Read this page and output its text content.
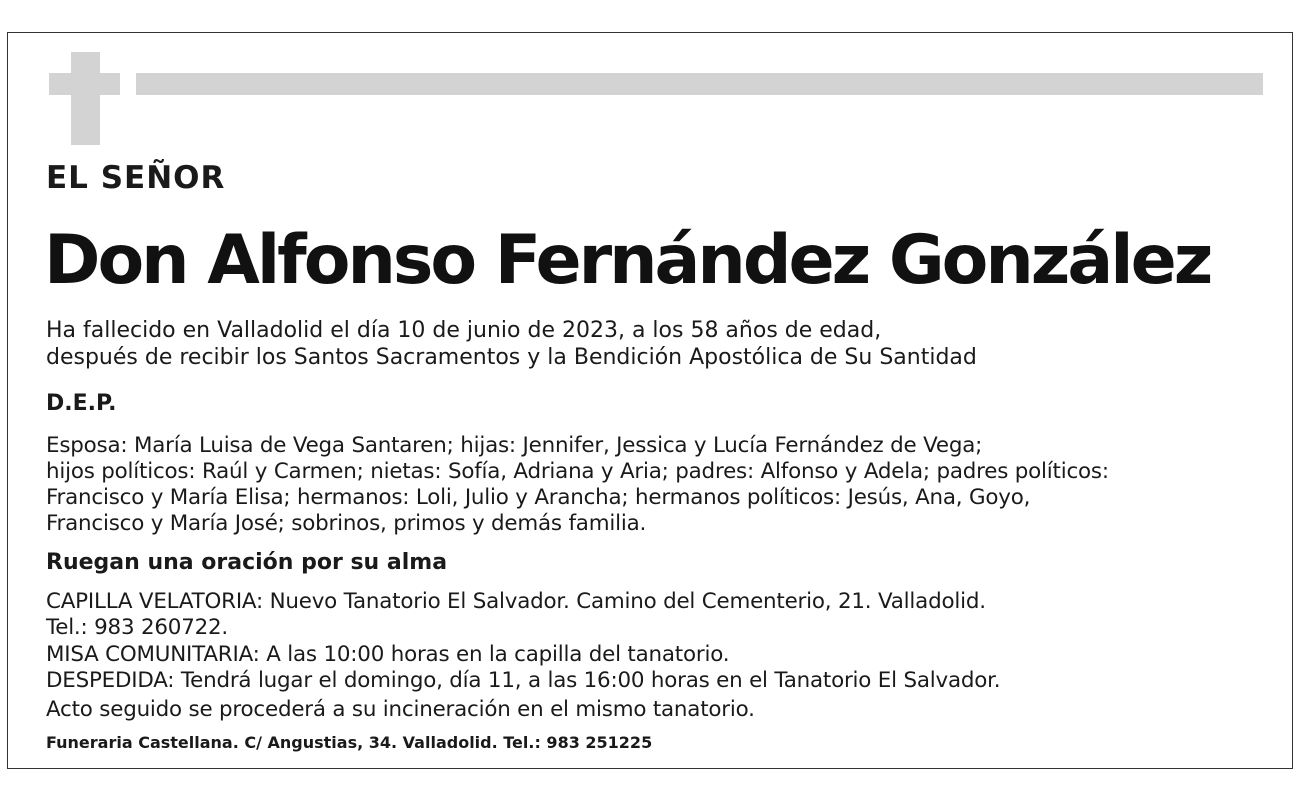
EL SEÑOR
Don Alfonso Fernández González
Ha fallecido en Valladolid el día 10 de junio de 2023, a los 58 años de edad,
después de recibir los Santos Sacramentos y la Bendición Apostólica de Su Santidad
D.E.P.
Esposa: María Luisa de Vega Santaren; hijas: Jennifer, Jessica y Lucía Fernández de Vega;
hijos políticos: Raúl y Carmen; nietas: Sofía, Adriana y Aria; padres: Alfonso y Adela; padres políticos:
Francisco y María Elisa; hermanos: Loli, Julio y Arancha; hermanos políticos: Jesús, Ana, Goyo,
Francisco y María José; sobrinos, primos y demás familia.
Ruegan una oración por su alma
CAPILLA VELATORIA: Nuevo Tanatorio El Salvador. Camino del Cementerio, 21. Valladolid.
Tel.: 983 260722.
MISA COMUNITARIA: A las 10:00 horas en la capilla del tanatorio.
DESPEDIDA: Tendrá lugar el domingo, día 11, a las 16:00 horas en el Tanatorio El Salvador.
Acto seguido se procederá a su incineración en el mismo tanatorio.
Funeraria Castellana. C/ Angustias, 34. Valladolid. Tel.: 983 251225
